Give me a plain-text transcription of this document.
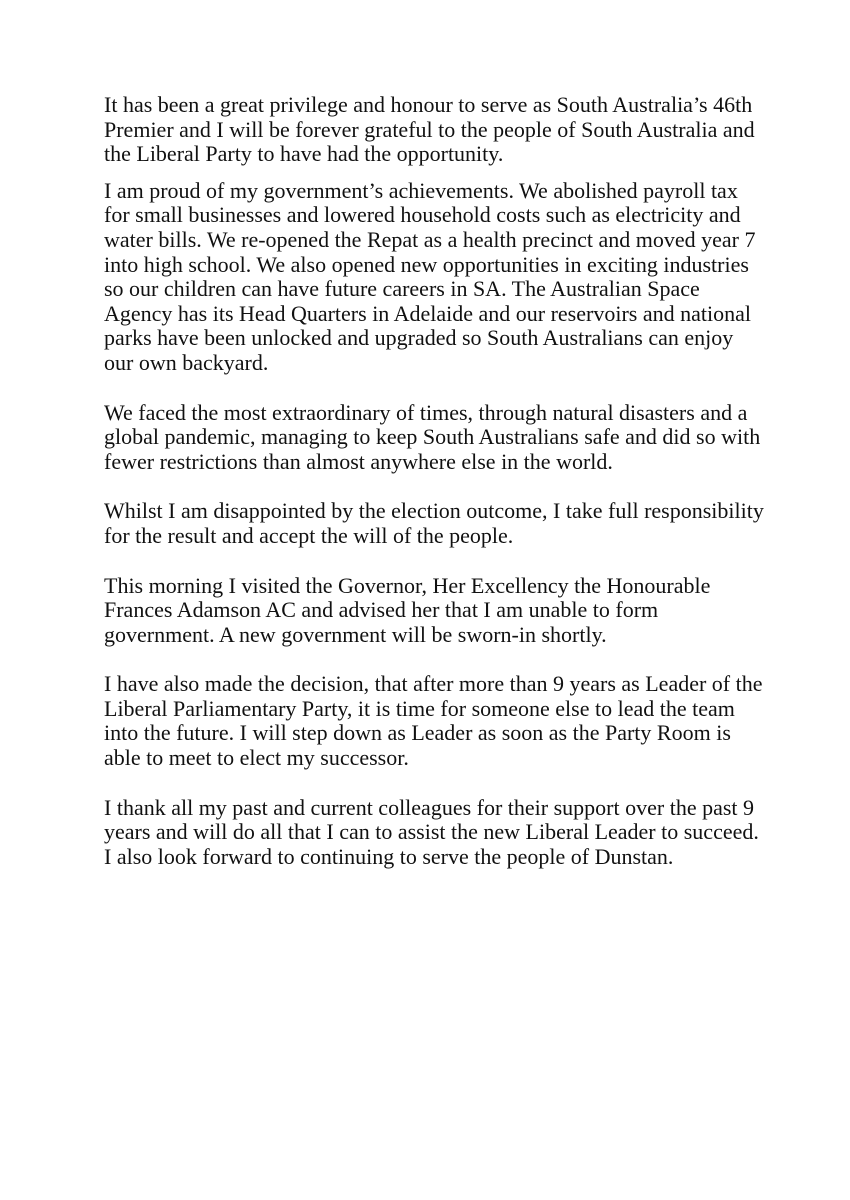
It has been a great privilege and honour to serve as South Australia’s 46th Premier and I will be forever grateful to the people of South Australia and the Liberal Party to have had the opportunity.

I am proud of my government’s achievements. We abolished payroll tax for small businesses and lowered household costs such as electricity and water bills. We re-opened the Repat as a health precinct and moved year 7 into high school. We also opened new opportunities in exciting industries so our children can have future careers in SA. The Australian Space Agency has its Head Quarters in Adelaide and our reservoirs and national parks have been unlocked and upgraded so South Australians can enjoy our own backyard.

We faced the most extraordinary of times, through natural disasters and a global pandemic, managing to keep South Australians safe and did so with fewer restrictions than almost anywhere else in the world.

Whilst I am disappointed by the election outcome, I take full responsibility for the result and accept the will of the people.

This morning I visited the Governor, Her Excellency the Honourable Frances Adamson AC and advised her that I am unable to form government. A new government will be sworn-in shortly.

I have also made the decision, that after more than 9 years as Leader of the Liberal Parliamentary Party, it is time for someone else to lead the team into the future. I will step down as Leader as soon as the Party Room is able to meet to elect my successor.

I thank all my past and current colleagues for their support over the past 9 years and will do all that I can to assist the new Liberal Leader to succeed. I also look forward to continuing to serve the people of Dunstan.
